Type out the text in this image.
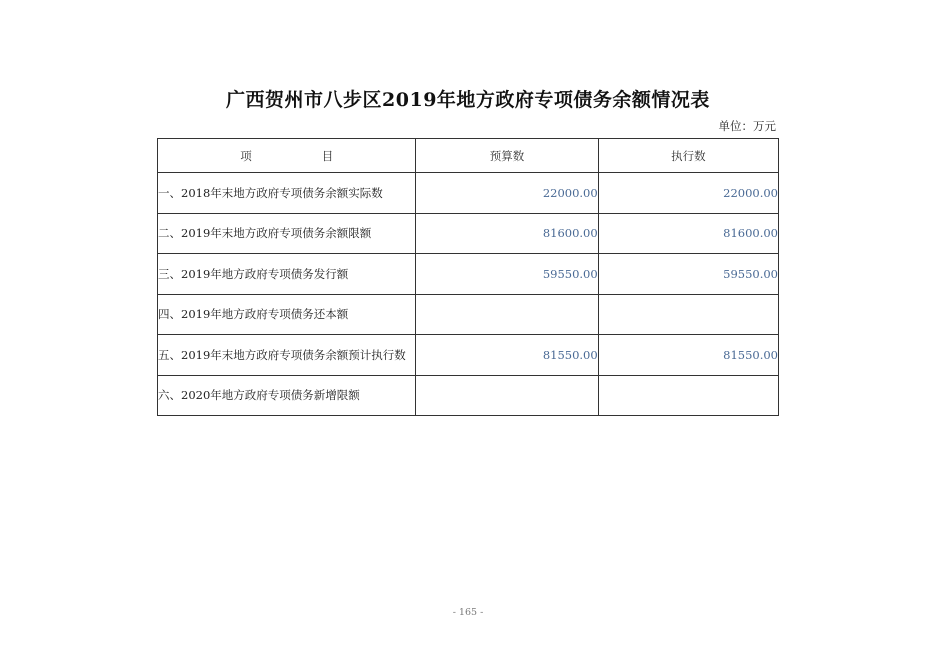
广西贺州市八步区2019年地方政府专项债务余额情况表
单位：万元
项 目	预算数	执行数
一、2018年末地方政府专项债务余额实际数	22000.00	22000.00
二、2019年末地方政府专项债务余额限额	81600.00	81600.00
三、2019年地方政府专项债务发行额	59550.00	59550.00
四、2019年地方政府专项债务还本额		
五、2019年末地方政府专项债务余额预计执行数	81550.00	81550.00
六、2020年地方政府专项债务新增限额		
- 165 -
